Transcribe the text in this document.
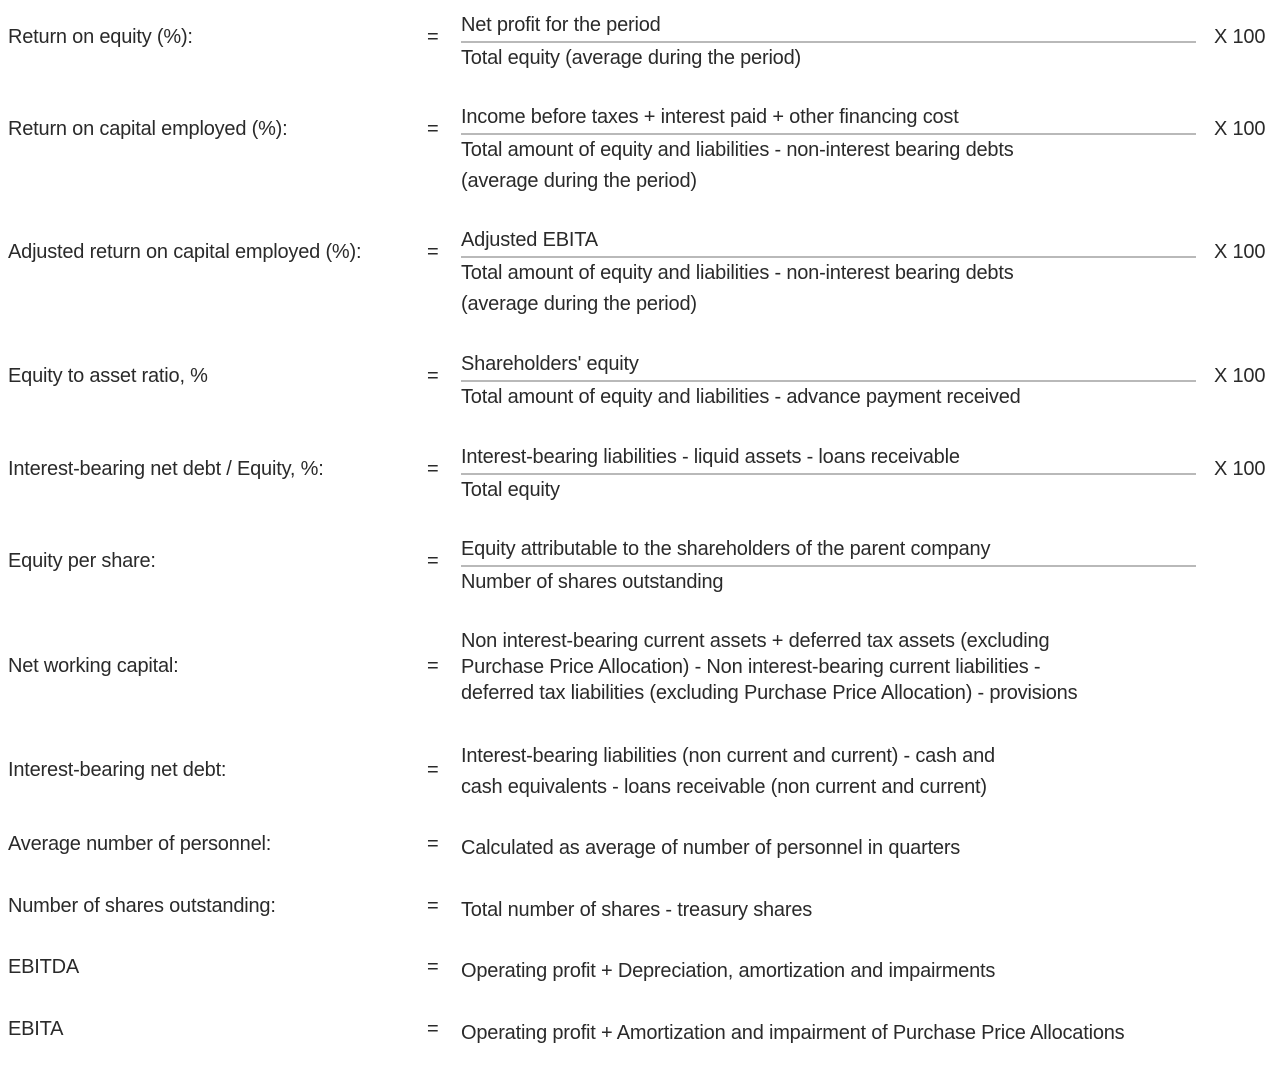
Return on equity (%):	=
Net profit for the period
Total equity (average during the period)
X 100
Return on capital employed (%):	=
Income before taxes + interest paid + other financing cost
Total amount of equity and liabilities - non-interest bearing debts
(average during the period)
X 100
Adjusted return on capital employed (%):	=
Adjusted EBITA
Total amount of equity and liabilities - non-interest bearing debts
(average during the period)
X 100
Equity to asset ratio, %	=
Shareholders' equity
Total amount of equity and liabilities - advance payment received
X 100
Interest-bearing net debt / Equity, %:	=
Interest-bearing liabilities - liquid assets - loans receivable
Total equity
X 100
Equity per share:	=
Equity attributable to the shareholders of the parent company
Number of shares outstanding
Net working capital:	=
Non interest-bearing current assets + deferred tax assets (excluding
Purchase Price Allocation) - Non interest-bearing current liabilities -
deferred tax liabilities (excluding Purchase Price Allocation) - provisions
Interest-bearing net debt:	=
Interest-bearing liabilities (non current and current) - cash and
cash equivalents - loans receivable (non current and current)
Average number of personnel:	= Calculated as average of number of personnel in quarters
Number of shares outstanding:	= Total number of shares - treasury shares
EBITDA	= Operating profit + Depreciation, amortization and impairments
EBITA	= Operating profit + Amortization and impairment of Purchase Price Allocations
